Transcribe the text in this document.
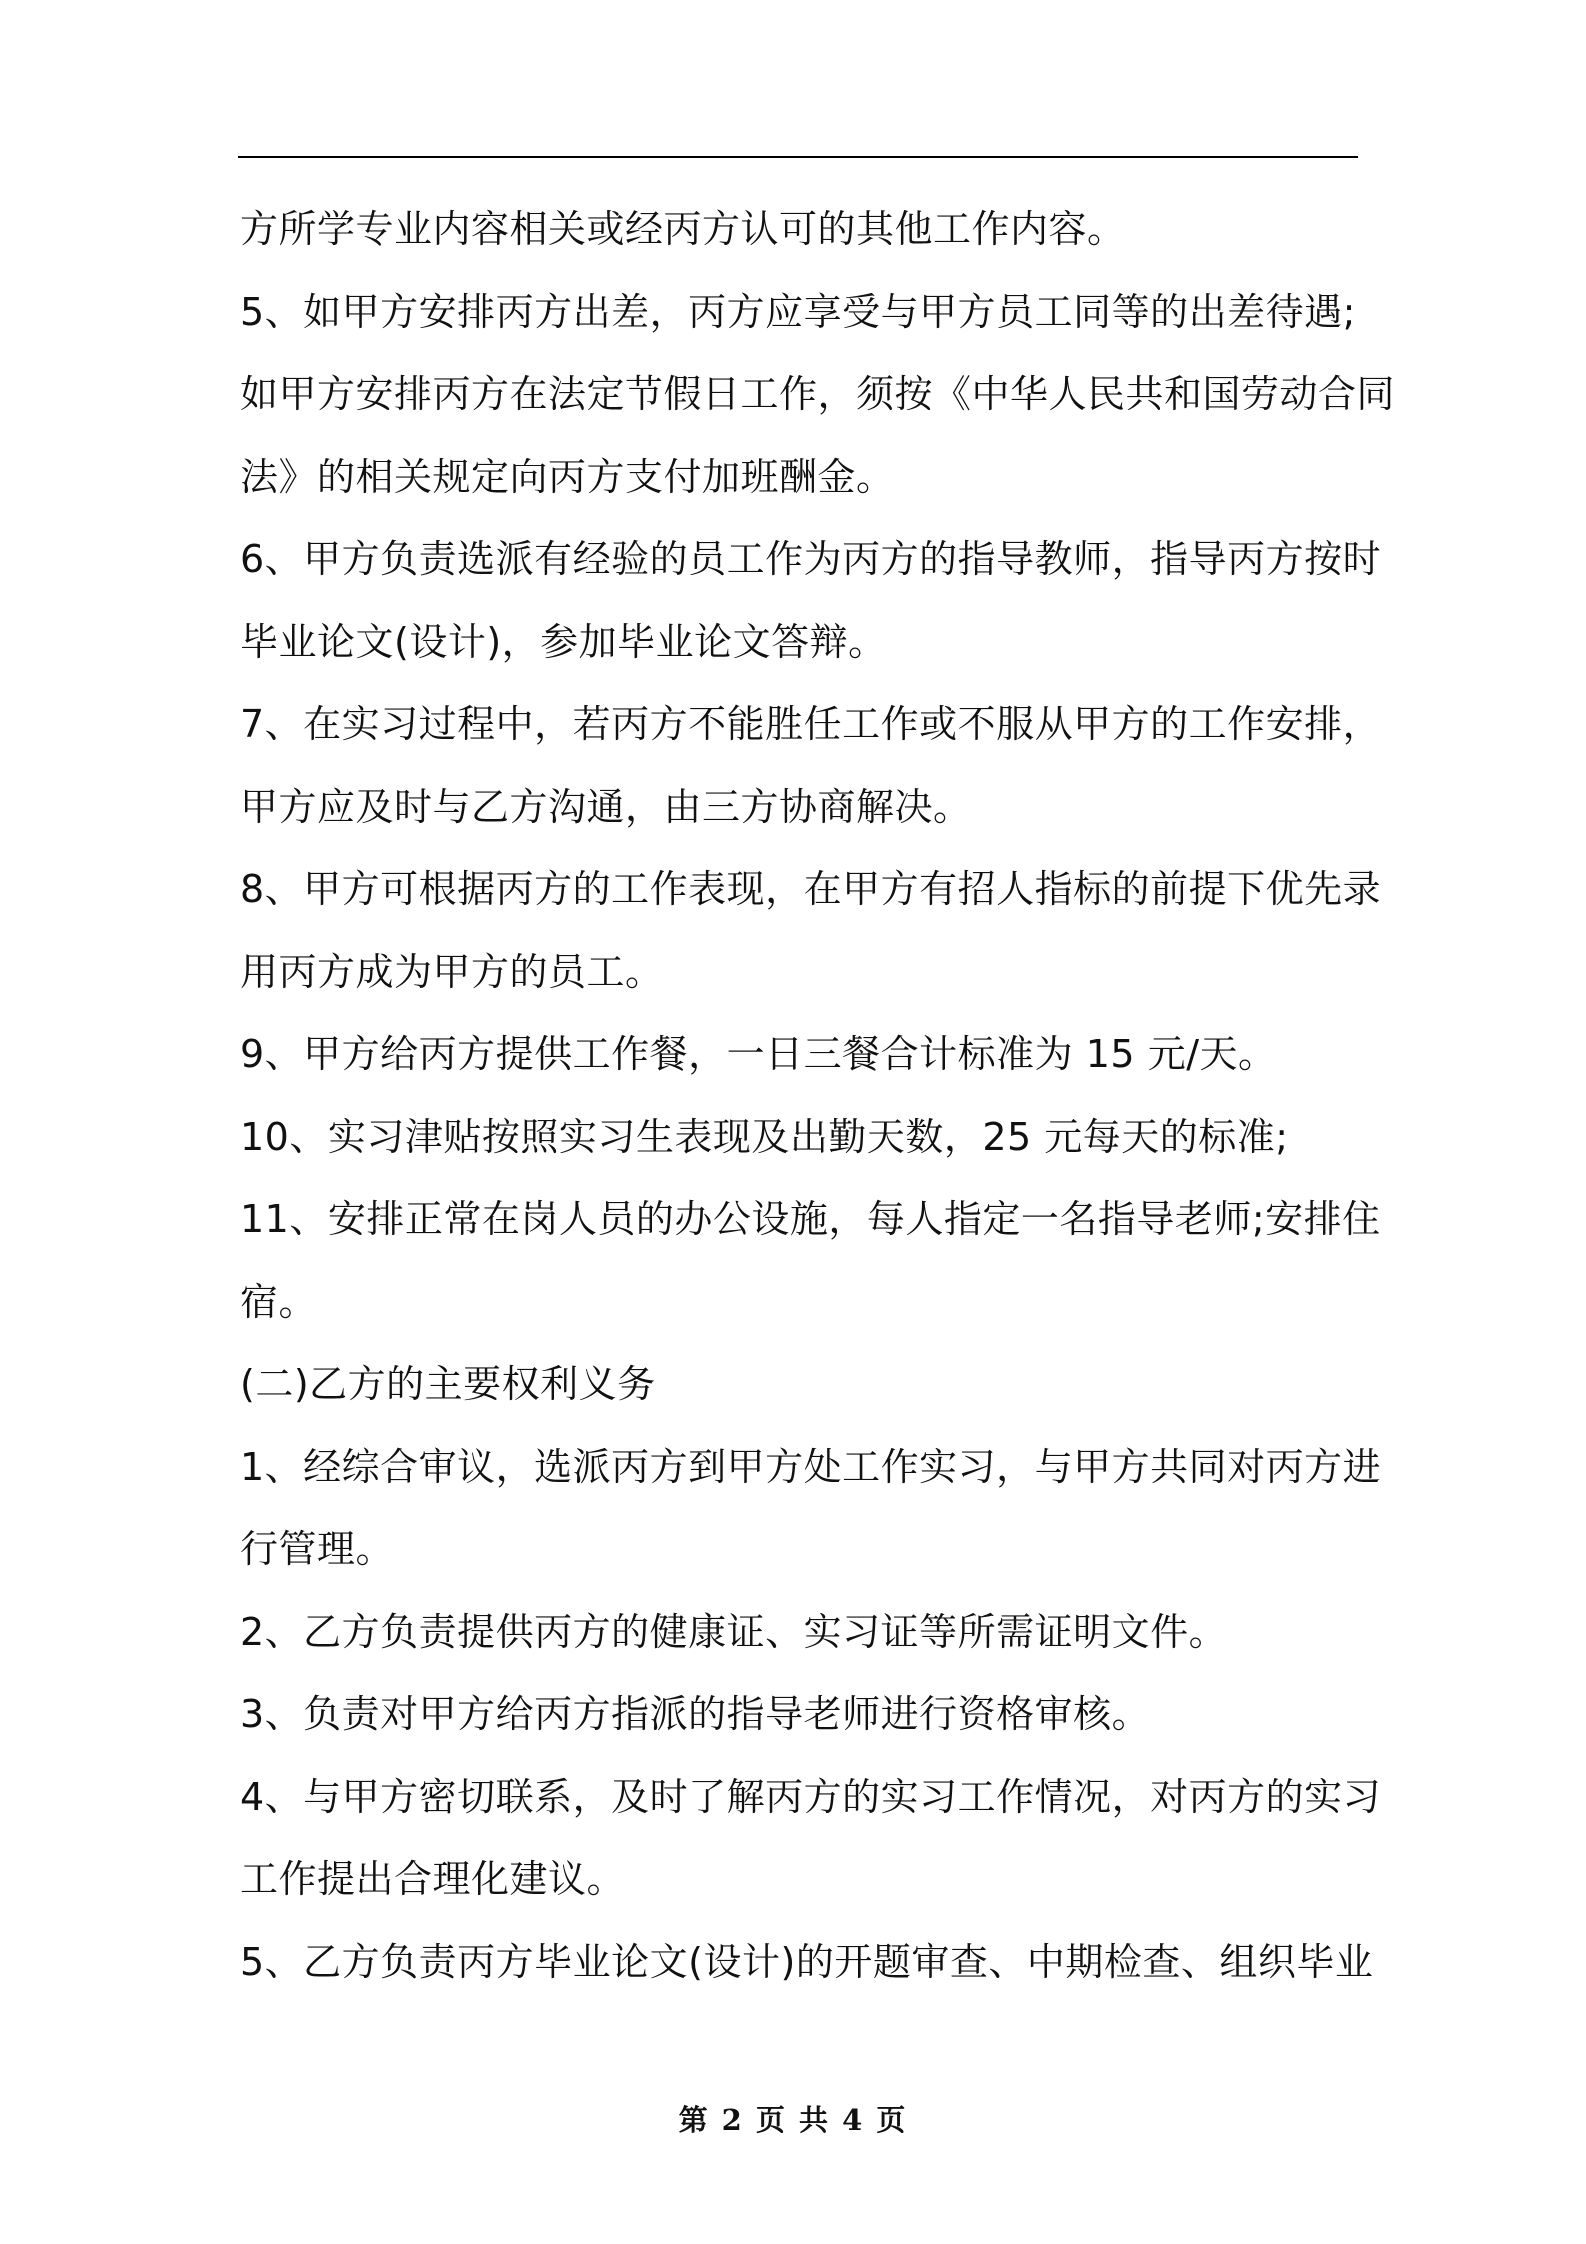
方所学专业内容相关或经丙方认可的其他工作内容。

5、如甲方安排丙方出差，丙方应享受与甲方员工同等的出差待遇;

如甲方安排丙方在法定节假日工作，须按《中华人民共和国劳动合同

法》的相关规定向丙方支付加班酬金。

6、甲方负责选派有经验的员工作为丙方的指导教师，指导丙方按时

毕业论文(设计)，参加毕业论文答辩。

7、在实习过程中，若丙方不能胜任工作或不服从甲方的工作安排，

甲方应及时与乙方沟通，由三方协商解决。

8、甲方可根据丙方的工作表现，在甲方有招人指标的前提下优先录

用丙方成为甲方的员工。

9、甲方给丙方提供工作餐，一日三餐合计标准为 15 元/天。

10、实习津贴按照实习生表现及出勤天数，25 元每天的标准;

11、安排正常在岗人员的办公设施，每人指定一名指导老师;安排住

宿。

(二)乙方的主要权利义务

1、经综合审议，选派丙方到甲方处工作实习，与甲方共同对丙方进

行管理。

2、乙方负责提供丙方的健康证、实习证等所需证明文件。

3、负责对甲方给丙方指派的指导老师进行资格审核。

4、与甲方密切联系，及时了解丙方的实习工作情况，对丙方的实习

工作提出合理化建议。

5、乙方负责丙方毕业论文(设计)的开题审查、中期检查、组织毕业

第 2 页 共 4 页
